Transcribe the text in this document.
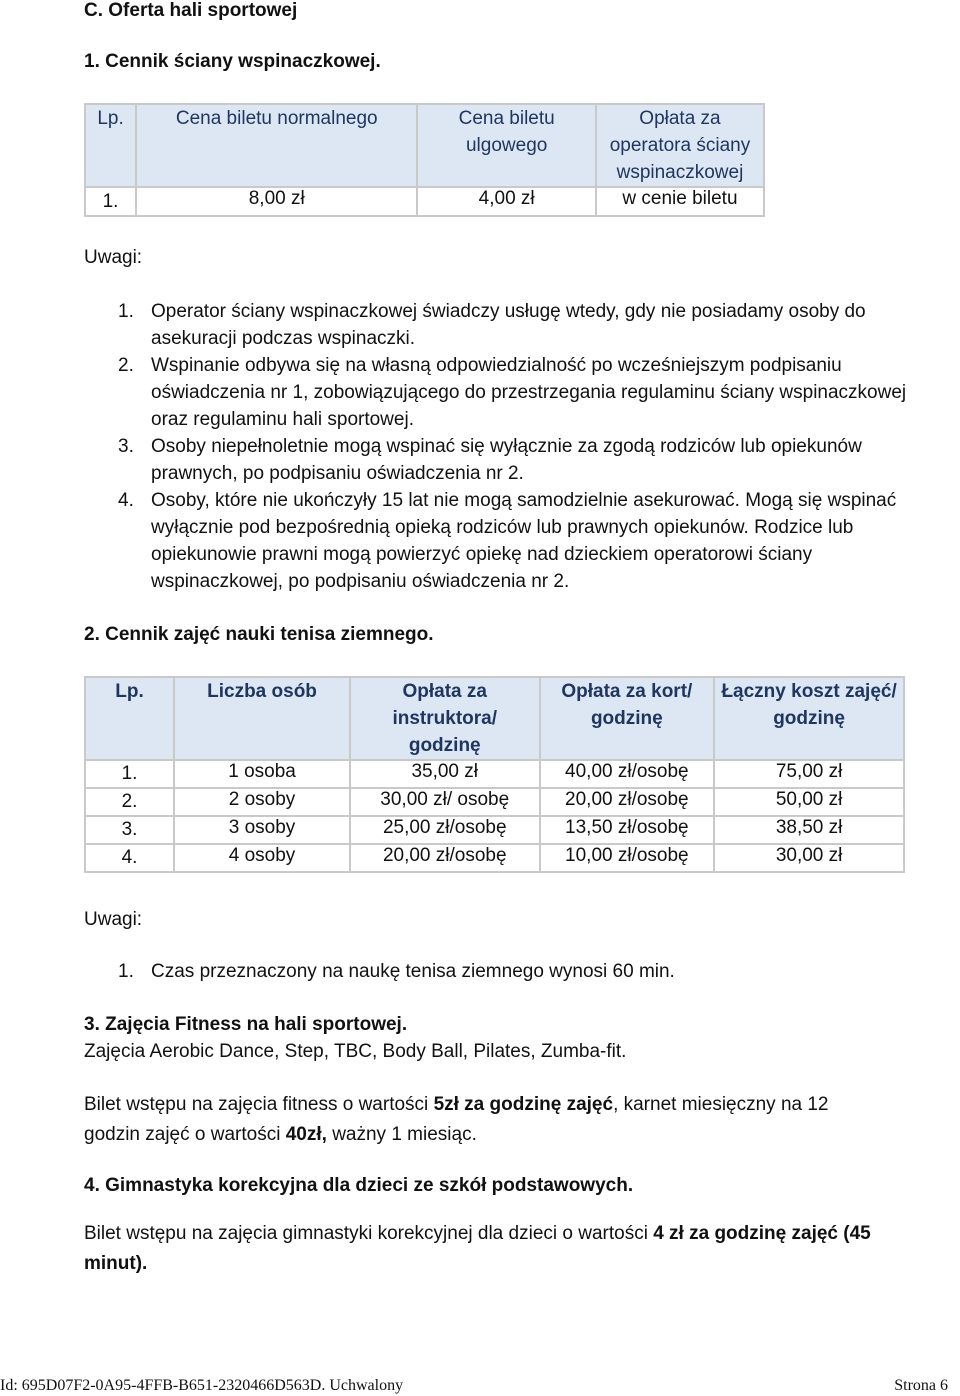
C. Oferta hali sportowej
1. Cennik ściany wspinaczkowej.
Lp.	Cena biletu normalnego	Cena biletu ulgowego	Opłata za operatora ściany wspinaczkowej
1.	8,00 zł	4,00 zł	w cenie biletu
Uwagi:
1. Operator ściany wspinaczkowej świadczy usługę wtedy, gdy nie posiadamy osoby do asekuracji podczas wspinaczki.
2. Wspinanie odbywa się na własną odpowiedzialność po wcześniejszym podpisaniu oświadczenia nr 1, zobowiązującego do przestrzegania regulaminu ściany wspinaczkowej oraz regulaminu hali sportowej.
3. Osoby niepełnoletnie mogą wspinać się wyłącznie za zgodą rodziców lub opiekunów prawnych, po podpisaniu oświadczenia nr 2.
4. Osoby, które nie ukończyły 15 lat nie mogą samodzielnie asekurować. Mogą się wspinać wyłącznie pod bezpośrednią opieką rodziców lub prawnych opiekunów. Rodzice lub opiekunowie prawni mogą powierzyć opiekę nad dzieckiem operatorowi ściany wspinaczkowej, po podpisaniu oświadczenia nr 2.
2. Cennik zajęć nauki tenisa ziemnego.
Lp.	Liczba osób	Opłata za instruktora/ godzinę	Opłata za kort/ godzinę	Łączny koszt zajęć/ godzinę
1.	1 osoba	35,00 zł	40,00 zł/osobę	75,00 zł
2.	2 osoby	30,00 zł/ osobę	20,00 zł/osobę	50,00 zł
3.	3 osoby	25,00 zł/osobę	13,50 zł/osobę	38,50 zł
4.	4 osoby	20,00 zł/osobę	10,00 zł/osobę	30,00 zł
Uwagi:
1. Czas przeznaczony na naukę tenisa ziemnego wynosi 60 min.
3. Zajęcia Fitness na hali sportowej.
Zajęcia Aerobic Dance, Step, TBC, Body Ball, Pilates, Zumba-fit.
Bilet wstępu na zajęcia fitness o wartości 5zł za godzinę zajęć, karnet miesięczny na 12 godzin zajęć o wartości 40zł, ważny 1 miesiąc.
4. Gimnastyka korekcyjna dla dzieci ze szkół podstawowych.
Bilet wstępu na zajęcia gimnastyki korekcyjnej dla dzieci o wartości 4 zł za godzinę zajęć (45 minut).
Id: 695D07F2-0A95-4FFB-B651-2320466D563D. Uchwalony	Strona 6
